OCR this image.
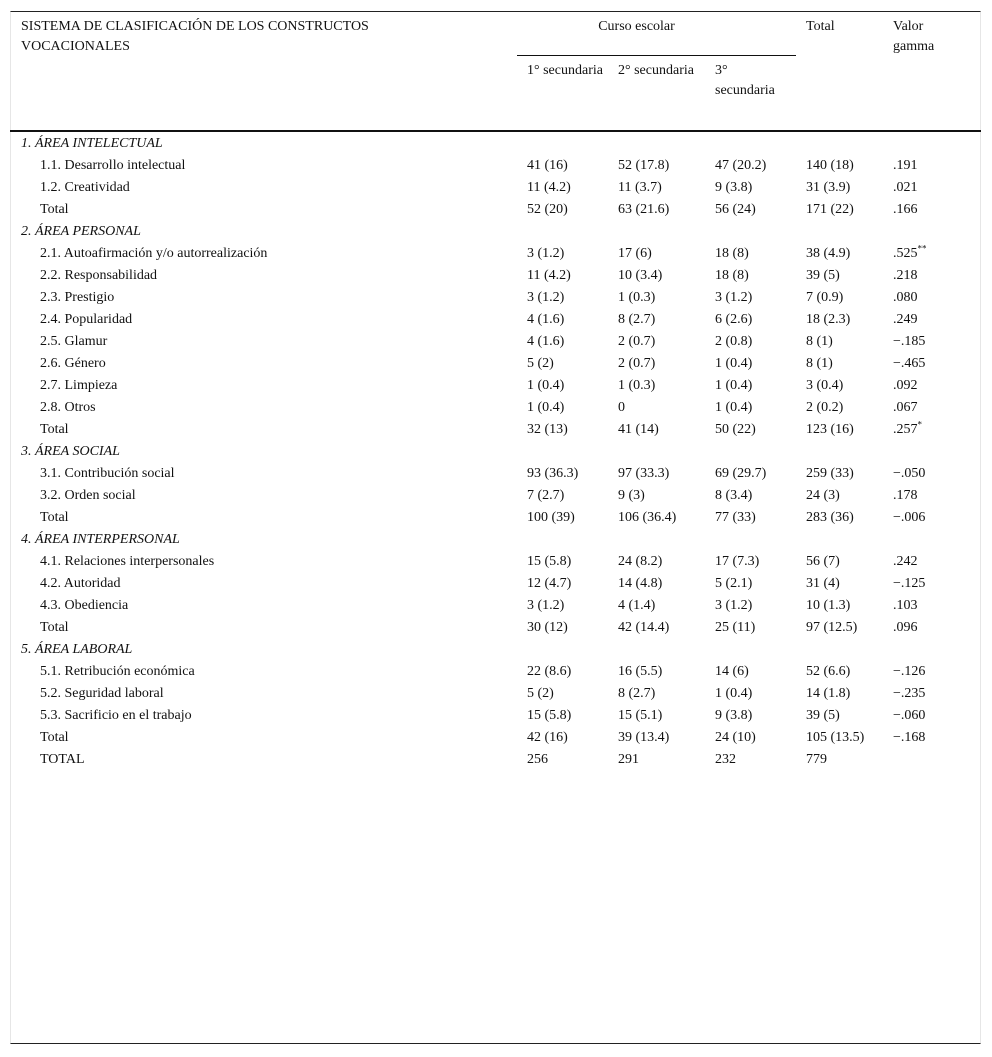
SISTEMA DE CLASIFICACIÓN DE LOS CONSTRUCTOS VOCACIONALES	Curso escolar			Total	Valor gamma
	1° secundaria	2° secundaria	3° secundaria		
1. ÁREA INTELECTUAL					
1.1. Desarrollo intelectual	41 (16)	52 (17.8)	47 (20.2)	140 (18)	.191
1.2. Creatividad	11 (4.2)	11 (3.7)	9 (3.8)	31 (3.9)	.021
Total	52 (20)	63 (21.6)	56 (24)	171 (22)	.166
2. ÁREA PERSONAL					
2.1. Autoafirmación y/o autorrealización	3 (1.2)	17 (6)	18 (8)	38 (4.9)	.525**
2.2. Responsabilidad	11 (4.2)	10 (3.4)	18 (8)	39 (5)	.218
2.3. Prestigio	3 (1.2)	1 (0.3)	3 (1.2)	7 (0.9)	.080
2.4. Popularidad	4 (1.6)	8 (2.7)	6 (2.6)	18 (2.3)	.249
2.5. Glamur	4 (1.6)	2 (0.7)	2 (0.8)	8 (1)	−.185
2.6. Género	5 (2)	2 (0.7)	1 (0.4)	8 (1)	−.465
2.7. Limpieza	1 (0.4)	1 (0.3)	1 (0.4)	3 (0.4)	.092
2.8. Otros	1 (0.4)	0	1 (0.4)	2 (0.2)	.067
Total	32 (13)	41 (14)	50 (22)	123 (16)	.257*
3. ÁREA SOCIAL					
3.1. Contribución social	93 (36.3)	97 (33.3)	69 (29.7)	259 (33)	−.050
3.2. Orden social	7 (2.7)	9 (3)	8 (3.4)	24 (3)	.178
Total	100 (39)	106 (36.4)	77 (33)	283 (36)	−.006
4. ÁREA INTERPERSONAL					
4.1. Relaciones interpersonales	15 (5.8)	24 (8.2)	17 (7.3)	56 (7)	.242
4.2. Autoridad	12 (4.7)	14 (4.8)	5 (2.1)	31 (4)	−.125
4.3. Obediencia	3 (1.2)	4 (1.4)	3 (1.2)	10 (1.3)	.103
Total	30 (12)	42 (14.4)	25 (11)	97 (12.5)	.096
5. ÁREA LABORAL					
5.1. Retribución económica	22 (8.6)	16 (5.5)	14 (6)	52 (6.6)	−.126
5.2. Seguridad laboral	5 (2)	8 (2.7)	1 (0.4)	14 (1.8)	−.235
5.3. Sacrificio en el trabajo	15 (5.8)	15 (5.1)	9 (3.8)	39 (5)	−.060
Total	42 (16)	39 (13.4)	24 (10)	105 (13.5)	−.168
TOTAL	256	291	232	779	
